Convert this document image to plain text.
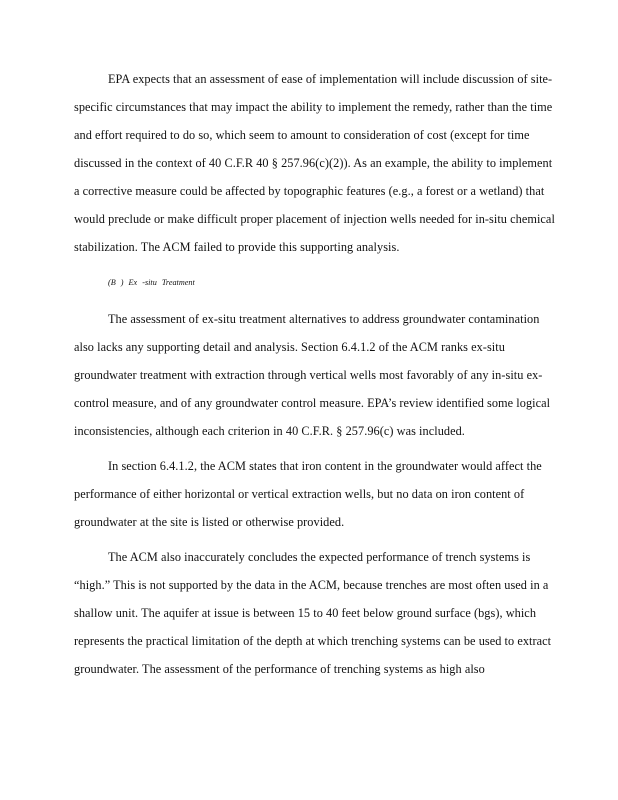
EPA expects that an assessment of ease of implementation will include discussion of site-
specific circumstances that may impact the ability to implement the remedy, rather than the time
and effort required to do so, which seem to amount to consideration of cost (except for time
discussed in the context of 40 C.F.R 40 § 257.96(c)(2)). As an example, the ability to implement
a corrective measure could be affected by topographic features (e.g., a forest or a wetland) that
would preclude or make difficult proper placement of injection wells needed for in-situ chemical
stabilization. The ACM failed to provide this supporting analysis.
(B ) Ex -situ Treatment
The assessment of ex-situ treatment alternatives to address groundwater contamination
also lacks any supporting detail and analysis. Section 6.4.1.2 of the ACM ranks ex-situ
groundwater treatment with extraction through vertical wells most favorably of any in-situ ex-
control measure, and of any groundwater control measure. EPA’s review identified some logical
inconsistencies, although each criterion in 40 C.F.R. § 257.96(c) was included.
In section 6.4.1.2, the ACM states that iron content in the groundwater would affect the
performance of either horizontal or vertical extraction wells, but no data on iron content of
groundwater at the site is listed or otherwise provided.
The ACM also inaccurately concludes the expected performance of trench systems is
“high.” This is not supported by the data in the ACM, because trenches are most often used in a
shallow unit. The aquifer at issue is between 15 to 40 feet below ground surface (bgs), which
represents the practical limitation of the depth at which trenching systems can be used to extract
groundwater. The assessment of the performance of trenching systems as high also
